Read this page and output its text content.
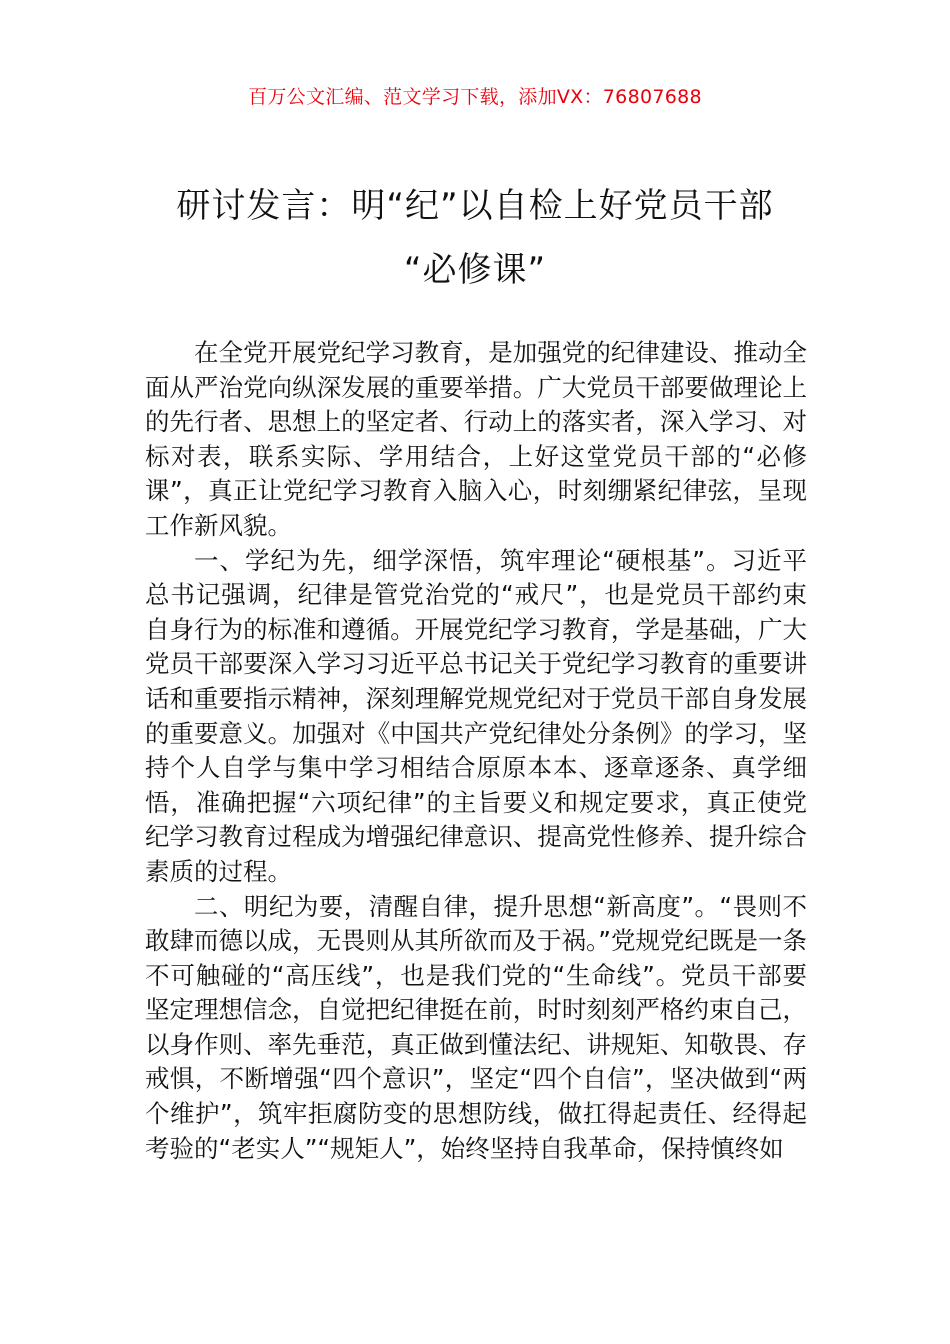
百万公文汇编、范文学习下载，添加VX：76807688
研讨发言：明“纪”以自检上好党员干部
“必修课”

在全党开展党纪学习教育，是加强党的纪律建设、推动全面从严治党向纵深发展的重要举措。广大党员干部要做理论上的先行者、思想上的坚定者、行动上的落实者，深入学习、对标对表，联系实际、学用结合，上好这堂党员干部的“必修课”，真正让党纪学习教育入脑入心，时刻绷紧纪律弦，呈现工作新风貌。

一、学纪为先，细学深悟，筑牢理论“硬根基”。习近平总书记强调，纪律是管党治党的“戒尺”，也是党员干部约束自身行为的标准和遵循。开展党纪学习教育，学是基础，广大党员干部要深入学习习近平总书记关于党纪学习教育的重要讲话和重要指示精神，深刻理解党规党纪对于党员干部自身发展的重要意义。加强对《中国共产党纪律处分条例》的学习，坚持个人自学与集中学习相结合原原本本、逐章逐条、真学细悟，准确把握“六项纪律”的主旨要义和规定要求，真正使党纪学习教育过程成为增强纪律意识、提高党性修养、提升综合素质的过程。

二、明纪为要，清醒自律，提升思想“新高度”。“畏则不敢肆而德以成，无畏则从其所欲而及于祸。”党规党纪既是一条不可触碰的“高压线”，也是我们党的“生命线”。党员干部要坚定理想信念，自觉把纪律挺在前，时时刻刻严格约束自己，以身作则、率先垂范，真正做到懂法纪、讲规矩、知敬畏、存戒惧，不断增强“四个意识”，坚定“四个自信”，坚决做到“两个维护”，筑牢拒腐防变的思想防线，做扛得起责任、经得起考验的“老实人”“规矩人”，始终坚持自我革命，保持慎终如
